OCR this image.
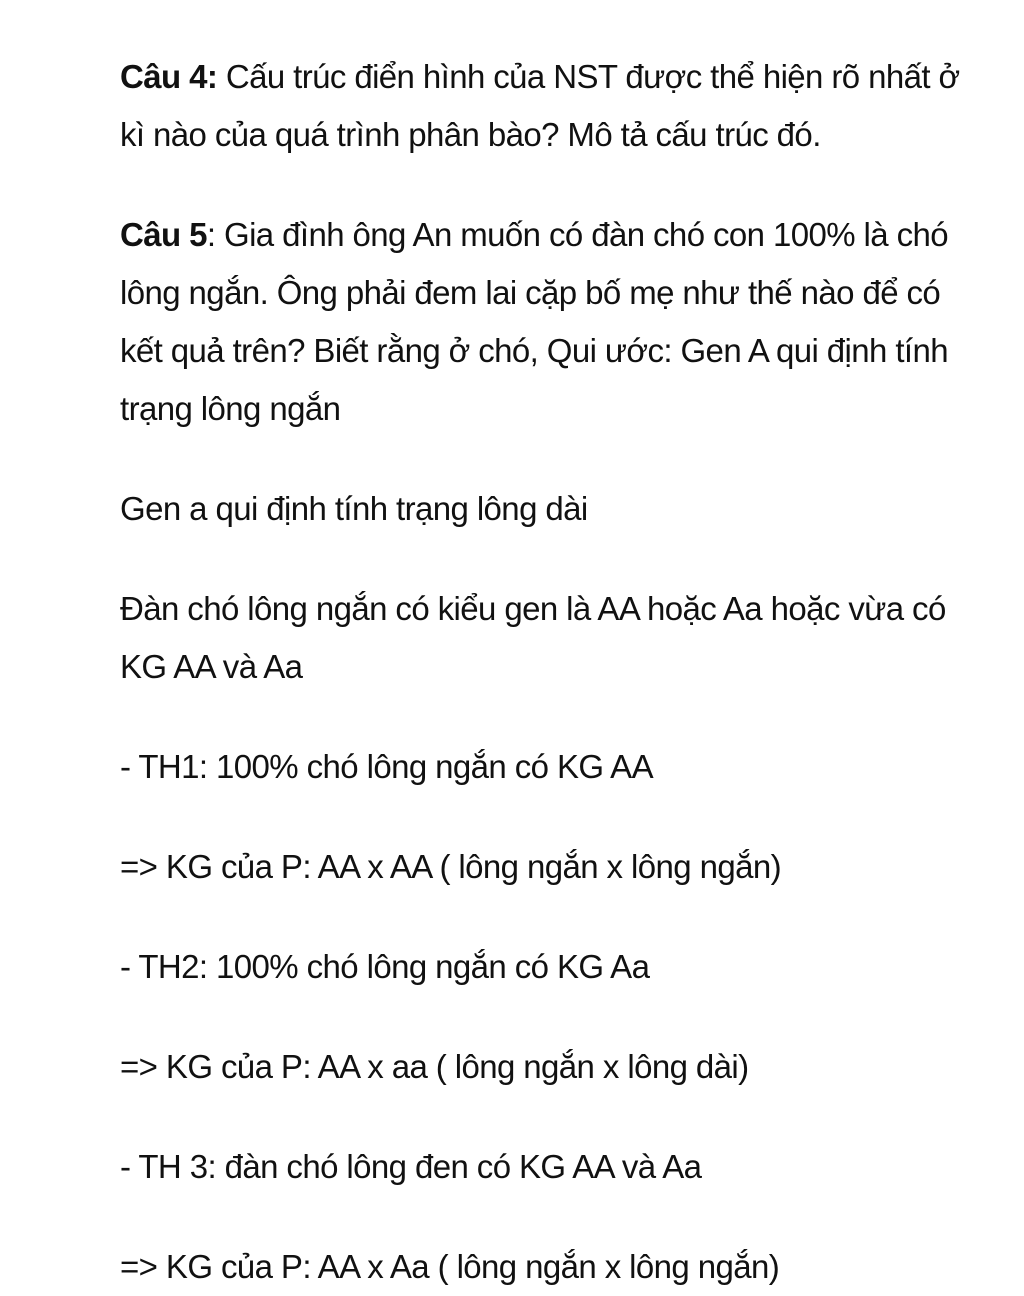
Câu 4: Cấu trúc điển hình của NST được thể hiện rõ nhất ở kì nào của quá trình phân bào? Mô tả cấu trúc đó.

Câu 5: Gia đình ông An muốn có đàn chó con 100% là chó lông ngắn. Ông phải đem lai cặp bố mẹ như thế nào để có kết quả trên? Biết rằng ở chó, Qui ước: Gen A qui định tính trạng lông ngắn

Gen a qui định tính trạng lông dài

Đàn chó lông ngắn có kiểu gen là AA hoặc Aa hoặc vừa có KG AA và Aa

- TH1: 100% chó lông ngắn có KG AA

=> KG của P: AA x AA ( lông ngắn x lông ngắn)

- TH2: 100% chó lông ngắn có KG Aa

=> KG của P: AA x aa ( lông ngắn x lông dài)

- TH 3: đàn chó lông đen có KG AA và Aa

=> KG của P: AA x Aa ( lông ngắn x lông ngắn)
